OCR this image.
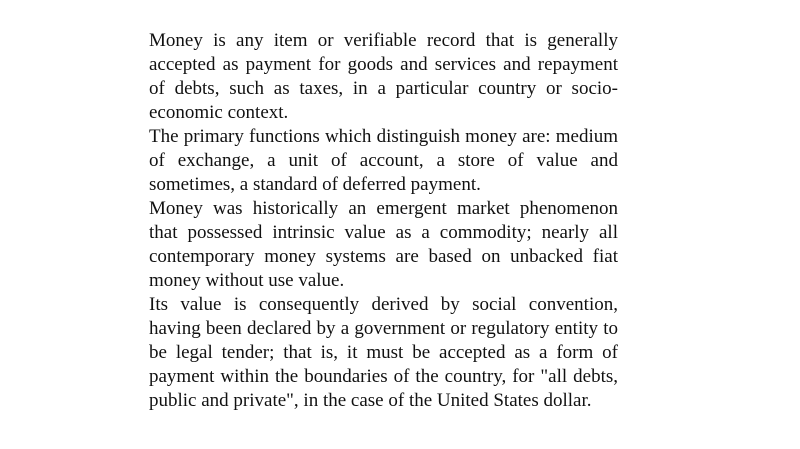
Money is any item or verifiable record that is generally accepted as payment for goods and services and repayment of debts, such as taxes, in a particular country or socio-economic context.

The primary functions which distinguish money are: medium of exchange, a unit of account, a store of value and sometimes, a standard of deferred payment.

Money was historically an emergent market phenomenon that possessed intrinsic value as a commodity; nearly all contemporary money systems are based on unbacked fiat money without use value.

Its value is consequently derived by social convention, having been declared by a government or regulatory entity to be legal tender; that is, it must be accepted as a form of payment within the boundaries of the country, for "all debts, public and private", in the case of the United States dollar.
